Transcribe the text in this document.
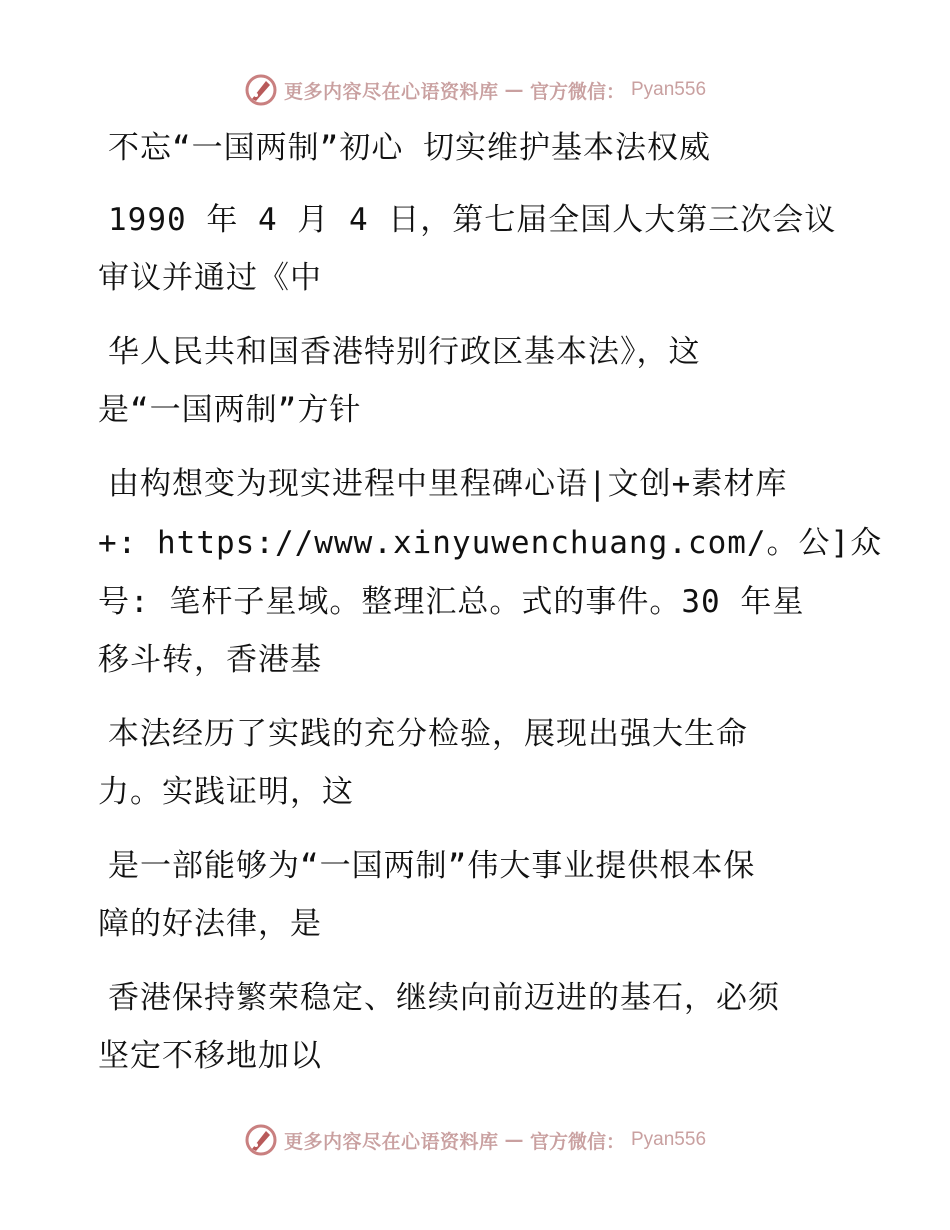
更多内容尽在心语资料库 — 官方微信： Pyan556
不忘“一国两制”初心 切实维护基本法权威
1990 年 4 月 4 日，第七届全国人大第三次会议
审议并通过《中
华人民共和国香港特别行政区基本法》，这
是“一国两制”方针
由构想变为现实进程中里程碑心语|文创+素材库
+: https://www.xinyuwenchuang.com/。公]众
号: 笔杆子星域。整理汇总。式的事件。30 年星
移斗转，香港基
本法经历了实践的充分检验，展现出强大生命
力。实践证明，这
是一部能够为“一国两制”伟大事业提供根本保
障的好法律，是
香港保持繁荣稳定、继续向前迈进的基石，必须
坚定不移地加以
更多内容尽在心语资料库 — 官方微信： Pyan556
